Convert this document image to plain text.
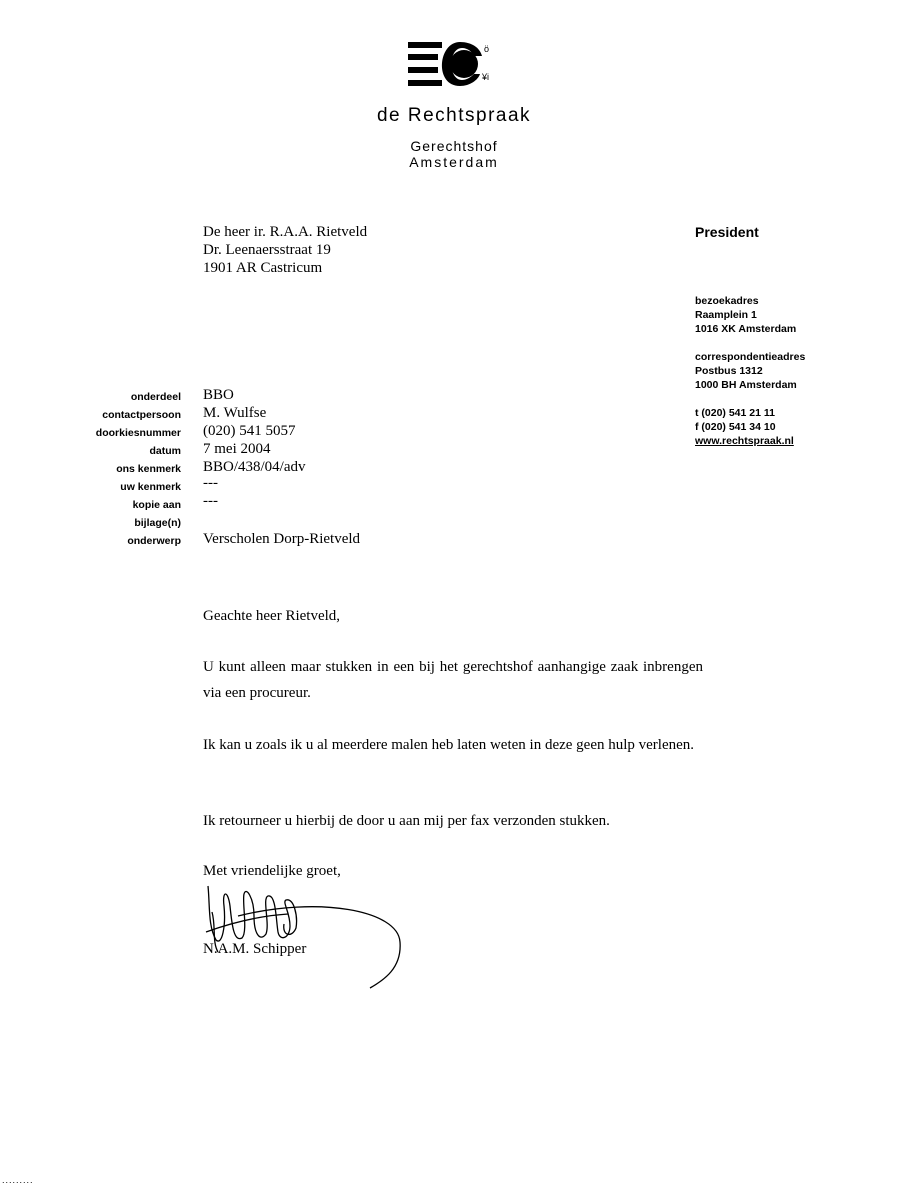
ö
¥i
de Rechtspraak
Gerechtshof
Amsterdam
De heer ir. R.A.A. Rietveld
Dr. Leenaersstraat 19
1901 AR Castricum
President
bezoekadres
Raamplein 1
1016 XK Amsterdam
correspondentieadres
Postbus 1312
1000 BH Amsterdam
t (020) 541 21 11
f (020) 541 34 10
www.rechtspraak.nl
onderdeel BBO
contactpersoon M. Wulfse
doorkiesnummer (020) 541 5057
datum 7 mei 2004
ons kenmerk BBO/438/04/adv
uw kenmerk ---
kopie aan ---
bijlage(n)
onderwerp Verscholen Dorp-Rietveld
Geachte heer Rietveld,
U kunt alleen maar stukken in een bij het gerechtshof aanhangige zaak inbrengen via een procureur.
Ik kan u zoals ik u al meerdere malen heb laten weten in deze geen hulp verlenen.
Ik retourneer u hierbij de door u aan mij per fax verzonden stukken.
Met vriendelijke groet,
N.A.M. Schipper
.........
